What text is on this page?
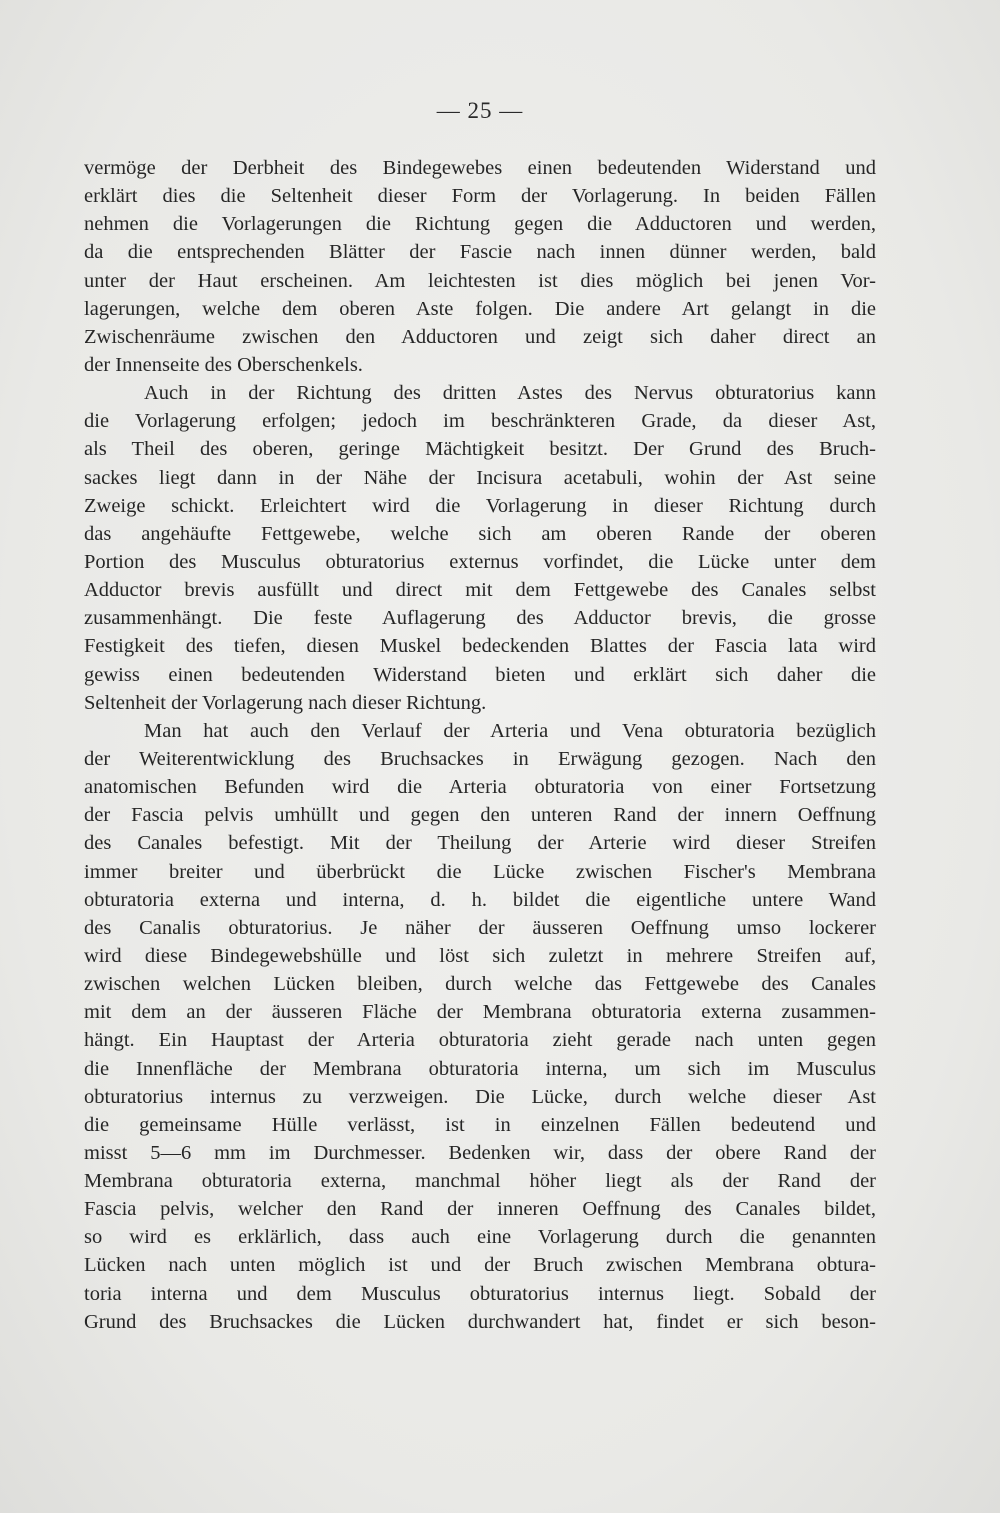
— 25 —
vermöge der Derbheit des Bindegewebes einen bedeutenden Widerstand und
erklärt dies die Seltenheit dieser Form der Vorlagerung. In beiden Fällen
nehmen die Vorlagerungen die Richtung gegen die Adductoren und werden,
da die entsprechenden Blätter der Fascie nach innen dünner werden, bald
unter der Haut erscheinen. Am leichtesten ist dies möglich bei jenen Vor-
lagerungen, welche dem oberen Aste folgen. Die andere Art gelangt in die
Zwischenräume zwischen den Adductoren und zeigt sich daher direct an
der Innenseite des Oberschenkels.
Auch in der Richtung des dritten Astes des Nervus obturatorius kann
die Vorlagerung erfolgen; jedoch im beschränkteren Grade, da dieser Ast,
als Theil des oberen, geringe Mächtigkeit besitzt. Der Grund des Bruch-
sackes liegt dann in der Nähe der Incisura acetabuli, wohin der Ast seine
Zweige schickt. Erleichtert wird die Vorlagerung in dieser Richtung durch
das angehäufte Fettgewebe, welche sich am oberen Rande der oberen
Portion des Musculus obturatorius externus vorfindet, die Lücke unter dem
Adductor brevis ausfüllt und direct mit dem Fettgewebe des Canales selbst
zusammenhängt. Die feste Auflagerung des Adductor brevis, die grosse
Festigkeit des tiefen, diesen Muskel bedeckenden Blattes der Fascia lata wird
gewiss einen bedeutenden Widerstand bieten und erklärt sich daher die
Seltenheit der Vorlagerung nach dieser Richtung.
Man hat auch den Verlauf der Arteria und Vena obturatoria bezüglich
der Weiterentwicklung des Bruchsackes in Erwägung gezogen. Nach den
anatomischen Befunden wird die Arteria obturatoria von einer Fortsetzung
der Fascia pelvis umhüllt und gegen den unteren Rand der innern Oeffnung
des Canales befestigt. Mit der Theilung der Arterie wird dieser Streifen
immer breiter und überbrückt die Lücke zwischen Fischer's Membrana
obturatoria externa und interna, d. h. bildet die eigentliche untere Wand
des Canalis obturatorius. Je näher der äusseren Oeffnung umso lockerer
wird diese Bindegewebshülle und löst sich zuletzt in mehrere Streifen auf,
zwischen welchen Lücken bleiben, durch welche das Fettgewebe des Canales
mit dem an der äusseren Fläche der Membrana obturatoria externa zusammen-
hängt. Ein Hauptast der Arteria obturatoria zieht gerade nach unten gegen
die Innenfläche der Membrana obturatoria interna, um sich im Musculus
obturatorius internus zu verzweigen. Die Lücke, durch welche dieser Ast
die gemeinsame Hülle verlässt, ist in einzelnen Fällen bedeutend und
misst 5—6 mm im Durchmesser. Bedenken wir, dass der obere Rand der
Membrana obturatoria externa, manchmal höher liegt als der Rand der
Fascia pelvis, welcher den Rand der inneren Oeffnung des Canales bildet,
so wird es erklärlich, dass auch eine Vorlagerung durch die genannten
Lücken nach unten möglich ist und der Bruch zwischen Membrana obtura-
toria interna und dem Musculus obturatorius internus liegt. Sobald der
Grund des Bruchsackes die Lücken durchwandert hat, findet er sich beson-
